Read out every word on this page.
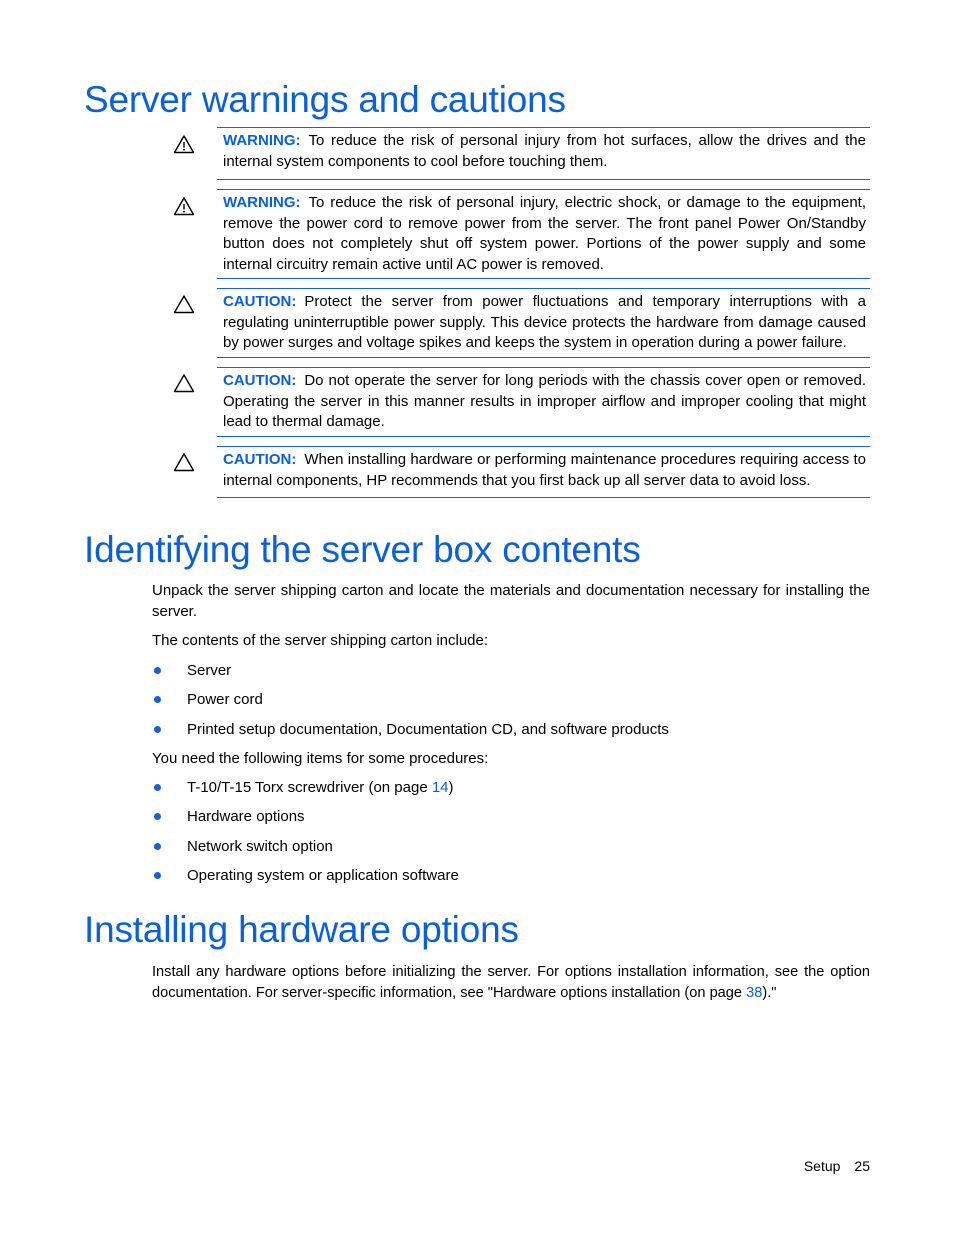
Server warnings and cautions

WARNING: To reduce the risk of personal injury from hot surfaces, allow the drives and the internal system components to cool before touching them.

WARNING: To reduce the risk of personal injury, electric shock, or damage to the equipment, remove the power cord to remove power from the server. The front panel Power On/Standby button does not completely shut off system power. Portions of the power supply and some internal circuitry remain active until AC power is removed.

CAUTION: Protect the server from power fluctuations and temporary interruptions with a regulating uninterruptible power supply. This device protects the hardware from damage caused by power surges and voltage spikes and keeps the system in operation during a power failure.

CAUTION: Do not operate the server for long periods with the chassis cover open or removed. Operating the server in this manner results in improper airflow and improper cooling that might lead to thermal damage.

CAUTION: When installing hardware or performing maintenance procedures requiring access to internal components, HP recommends that you first back up all server data to avoid loss.

Identifying the server box contents

Unpack the server shipping carton and locate the materials and documentation necessary for installing the server.

The contents of the server shipping carton include:

Server
Power cord
Printed setup documentation, Documentation CD, and software products

You need the following items for some procedures:

T-10/T-15 Torx screwdriver (on page 14)
Hardware options
Network switch option
Operating system or application software
Installing hardware options

Install any hardware options before initializing the server. For options installation information, see the option documentation. For server-specific information, see "Hardware options installation (on page 38)."

Setup 25
